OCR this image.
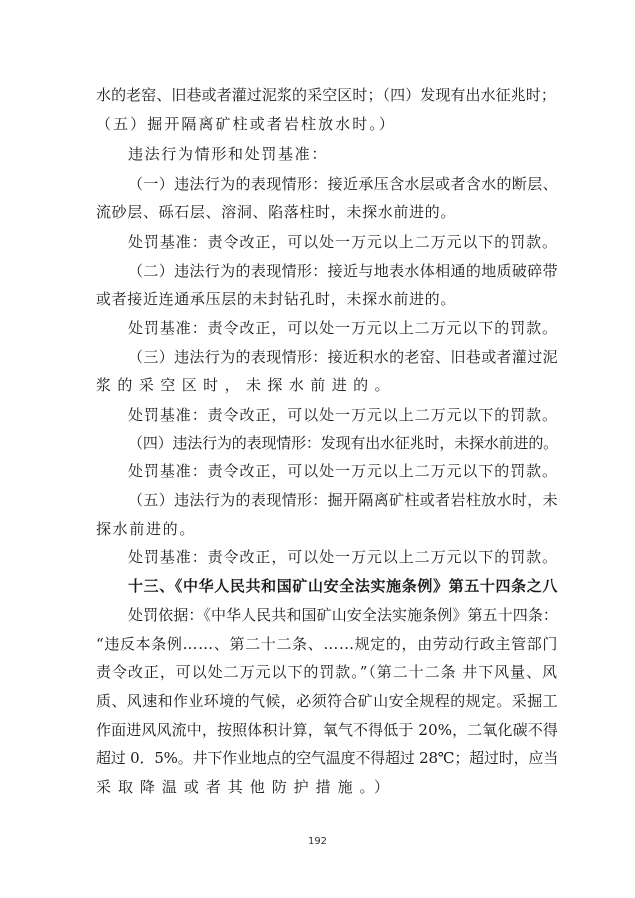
水的老窑、旧巷或者灌过泥浆的采空区时；（四）发现有出水征兆时；
（五）掘开隔离矿柱或者岩柱放水时。）
违法行为情形和处罚基准：
（一）违法行为的表现情形：接近承压含水层或者含水的断层、
流砂层、砾石层、溶洞、陷落柱时，未探水前进的。
处罚基准：责令改正，可以处一万元以上二万元以下的罚款。
（二）违法行为的表现情形：接近与地表水体相通的地质破碎带
或者接近连通承压层的未封钻孔时，未探水前进的。
处罚基准：责令改正，可以处一万元以上二万元以下的罚款。
（三）违法行为的表现情形：接近积水的老窑、旧巷或者灌过泥
浆的采空区时，未探水前进的。
处罚基准：责令改正，可以处一万元以上二万元以下的罚款。
（四）违法行为的表现情形：发现有出水征兆时，未探水前进的。
处罚基准：责令改正，可以处一万元以上二万元以下的罚款。
（五）违法行为的表现情形：掘开隔离矿柱或者岩柱放水时，未
探水前进的。
处罚基准：责令改正，可以处一万元以上二万元以下的罚款。
十三、《中华人民共和国矿山安全法实施条例》第五十四条之八
处罚依据：《中华人民共和国矿山安全法实施条例》第五十四条：
“违反本条例……、第二十二条、……规定的，由劳动行政主管部门
责令改正，可以处二万元以下的罚款。”（第二十二条 井下风量、风
质、风速和作业环境的气候，必须符合矿山安全规程的规定。采掘工
作面进风风流中，按照体积计算，氧气不得低于 20%，二氧化碳不得
超过 0．5%。井下作业地点的空气温度不得超过 28℃；超过时，应当
采取降温或者其他防护措施。）
192
